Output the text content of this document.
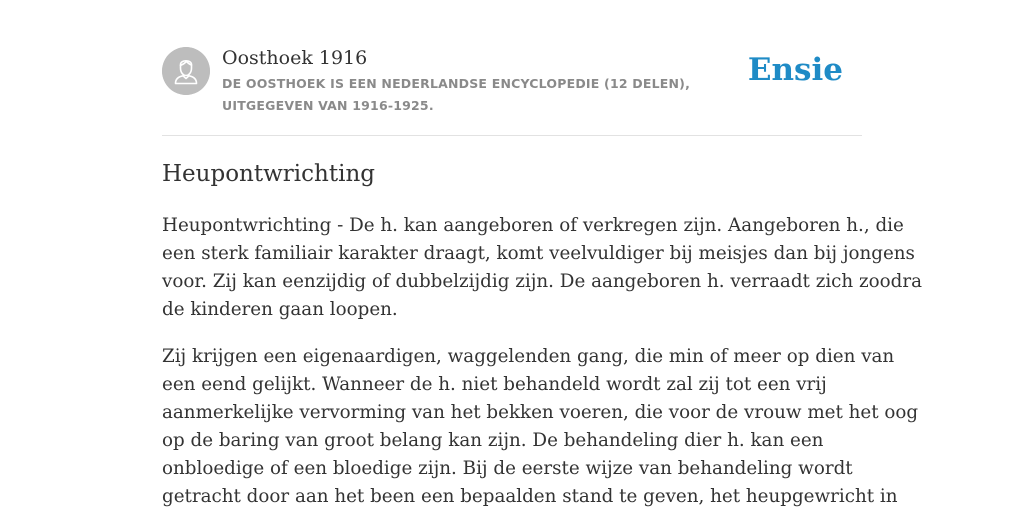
Oosthoek 1916
DE OOSTHOEK IS EEN NEDERLANDSE ENCYCLOPEDIE (12 DELEN), UITGEGEVEN VAN 1916-1925.
Ensie
Heupontwrichting

Heupontwrichting - De h. kan aangeboren of verkregen zijn. Aangeboren h., die
een sterk familiair karakter draagt, komt veelvuldiger bij meisjes dan bij jongens
voor. Zij kan eenzijdig of dubbelzijdig zijn. De aangeboren h. verraadt zich zoodra
de kinderen gaan loopen.

Zij krijgen een eigenaardigen, waggelenden gang, die min of meer op dien van
een eend gelijkt. Wanneer de h. niet behandeld wordt zal zij tot een vrij
aanmerkelijke vervorming van het bekken voeren, die voor de vrouw met het oog
op de baring van groot belang kan zijn. De behandeling dier h. kan een
onbloedige of een bloedige zijn. Bij de eerste wijze van behandeling wordt
getracht door aan het been een bepaalden stand te geven, het heupgewricht in
